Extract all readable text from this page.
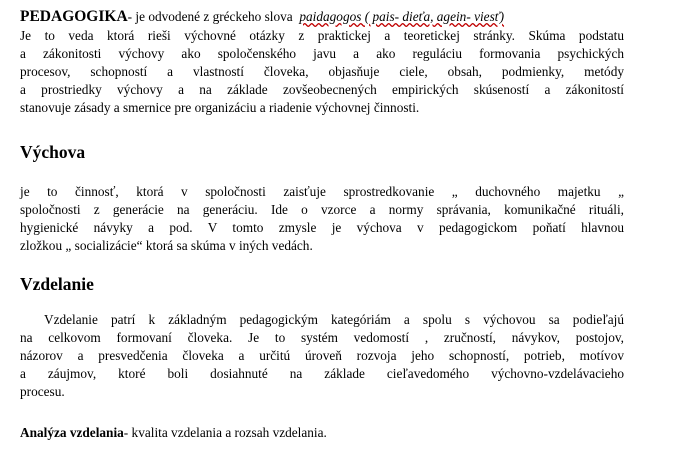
PEDAGOGIKA- je odvodené z gréckeho slova paidagogos ( pais- dieťa, agein- viesť)
Je to veda ktorá rieši výchovné otázky z praktickej a teoretickej stránky. Skúma podstatu
a zákonitosti výchovy ako spoločenského javu a ako reguláciu formovania psychických
procesov, schopností a vlastností človeka, objasňuje ciele, obsah, podmienky, metódy
a prostriedky výchovy a na základe zovšeobecnených empirických skúseností a zákonitostí
stanovuje zásady a smernice pre organizáciu a riadenie výchovnej činnosti.
Výchova
je to činnosť, ktorá v spoločnosti zaisťuje sprostredkovanie „ duchovného majetku „
spoločnosti z generácie na generáciu. Ide o vzorce a normy správania, komunikačné rituáli,
hygienické návyky a pod. V tomto zmysle je výchova v pedagogickom poňatí hlavnou
zložkou „ socializácie“ ktorá sa skúma v iných vedách.
Vzdelanie
Vzdelanie patrí k základným pedagogickým kategóriám a spolu s výchovou sa podieľajú
na celkovom formovaní človeka. Je to systém vedomostí , zručností, návykov, postojov,
názorov a presvedčenia človeka a určitú úroveň rozvoja jeho schopností, potrieb, motívov
a záujmov, ktoré boli dosiahnuté na základe cieľavedomého výchovno-vzdelávacieho
procesu.
Analýza vzdelania- kvalita vzdelania a rozsah vzdelania.
